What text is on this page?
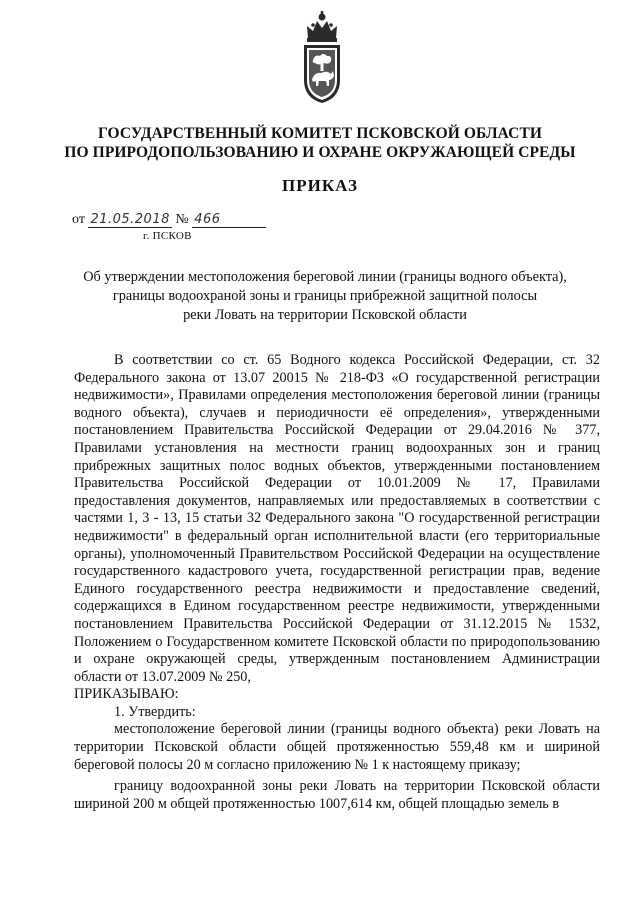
ГОСУДАРСТВЕННЫЙ КОМИТЕТ ПСКОВСКОЙ ОБЛАСТИ
ПО ПРИРОДОПОЛЬЗОВАНИЮ И ОХРАНЕ ОКРУЖАЮЩЕЙ СРЕДЫ
ПРИКАЗ
от 21.05.2018 № 466
г. ПСКОВ
Об утверждении местоположения береговой линии (границы водного объекта),
границы водоохраной зоны и границы прибрежной защитной полосы
реки Ловать на территории Псковской области

В соответствии со ст. 65 Водного кодекса Российской Федерации, ст. 32 Федерального закона от 13.07 20015 № 218-ФЗ «О государственной регистрации недвижимости», Правилами определения местоположения береговой линии (границы водного объекта), случаев и периодичности её определения», утвержденными постановлением Правительства Российской Федерации от 29.04.2016 № 377, Правилами установления на местности границ водоохранных зон и границ прибрежных защитных полос водных объектов, утвержденными постановлением Правительства Российской Федерации от 10.01.2009 № 17, Правилами предоставления документов, направляемых или предоставляемых в соответствии с частями 1, 3 - 13, 15 статьи 32 Федерального закона "О государственной регистрации недвижимости" в федеральный орган исполнительной власти (его территориальные органы), уполномоченный Правительством Российской Федерации на осуществление государственного кадастрового учета, государственной регистрации прав, ведение Единого государственного реестра недвижимости и предоставление сведений, содержащихся в Едином государственном реестре недвижимости, утвержденными постановлением Правительства Российской Федерации от 31.12.2015 № 1532, Положением о Государственном комитете Псковской области по природопользованию и охране окружающей среды, утвержденным постановлением Администрации области от 13.07.2009 № 250,

ПРИКАЗЫВАЮ:

1. Утвердить:

местоположение береговой линии (границы водного объекта) реки Ловать на территории Псковской области общей протяженностью 559,48 км и шириной береговой полосы 20 м согласно приложению № 1 к настоящему приказу;

границу водоохранной зоны реки Ловать на территории Псковской области шириной 200 м общей протяженностью 1007,614 км, общей площадью земель в
